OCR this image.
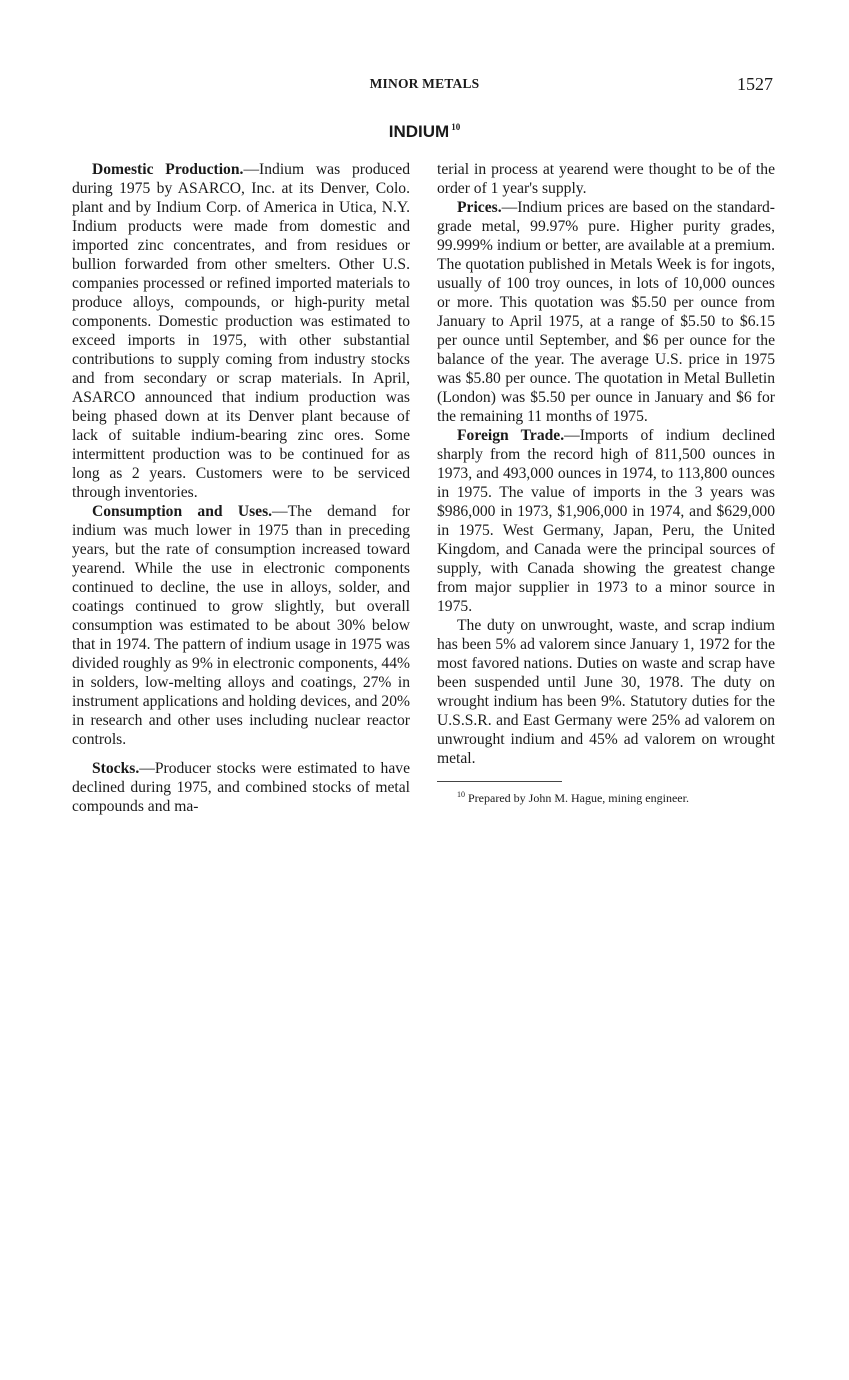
MINOR METALS	1527
INDIUM $^{10}$

Domestic Production.—Indium was produced during 1975 by ASARCO, Inc. at its Denver, Colo. plant and by Indium Corp. of America in Utica, N.Y. Indium products were made from domestic and imported zinc concentrates, and from residues or bullion forwarded from other smelters. Other U.S. companies processed or refined imported materials to produce alloys, compounds, or high-purity metal components. Domestic production was estimated to exceed imports in 1975, with other substantial contributions to supply coming from industry stocks and from secondary or scrap materials. In April, ASARCO announced that indium production was being phased down at its Denver plant because of lack of suitable indium-bearing zinc ores. Some intermittent production was to be continued for as long as 2 years. Customers were to be serviced through inventories.

Consumption and Uses.—The demand for indium was much lower in 1975 than in preceding years, but the rate of consumption increased toward yearend. While the use in electronic components continued to decline, the use in alloys, solder, and coatings continued to grow slightly, but overall consumption was estimated to be about 30% below that in 1974. The pattern of indium usage in 1975 was divided roughly as 9% in electronic components, 44% in solders, low-melting alloys and coatings, 27% in instrument applications and holding devices, and 20% in research and other uses including nuclear reactor controls.

Stocks.—Producer stocks were estimated to have declined during 1975, and combined stocks of metal compounds and ma-

terial in process at yearend were thought to be of the order of 1 year's supply.

Prices.—Indium prices are based on the standard-grade metal, 99.97% pure. Higher purity grades, 99.999% indium or better, are available at a premium. The quotation published in Metals Week is for ingots, usually of 100 troy ounces, in lots of 10,000 ounces or more. This quotation was $5.50 per ounce from January to April 1975, at a range of $5.50 to $6.15 per ounce until September, and $6 per ounce for the balance of the year. The average U.S. price in 1975 was $5.80 per ounce. The quotation in Metal Bulletin (London) was $5.50 per ounce in January and $6 for the remaining 11 months of 1975.

Foreign Trade.—Imports of indium declined sharply from the record high of 811,500 ounces in 1973, and 493,000 ounces in 1974, to 113,800 ounces in 1975. The value of imports in the 3 years was $986,000 in 1973, $1,906,000 in 1974, and $629,000 in 1975. West Germany, Japan, Peru, the United Kingdom, and Canada were the principal sources of supply, with Canada showing the greatest change from major supplier in 1973 to a minor source in 1975.

The duty on unwrought, waste, and scrap indium has been 5% ad valorem since January 1, 1972 for the most favored nations. Duties on waste and scrap have been suspended until June 30, 1978. The duty on wrought indium has been 9%. Statutory duties for the U.S.S.R. and East Germany were 25% ad valorem on unwrought indium and 45% ad valorem on wrought metal.

$^{10}$ Prepared by John M. Hague, mining engineer.
